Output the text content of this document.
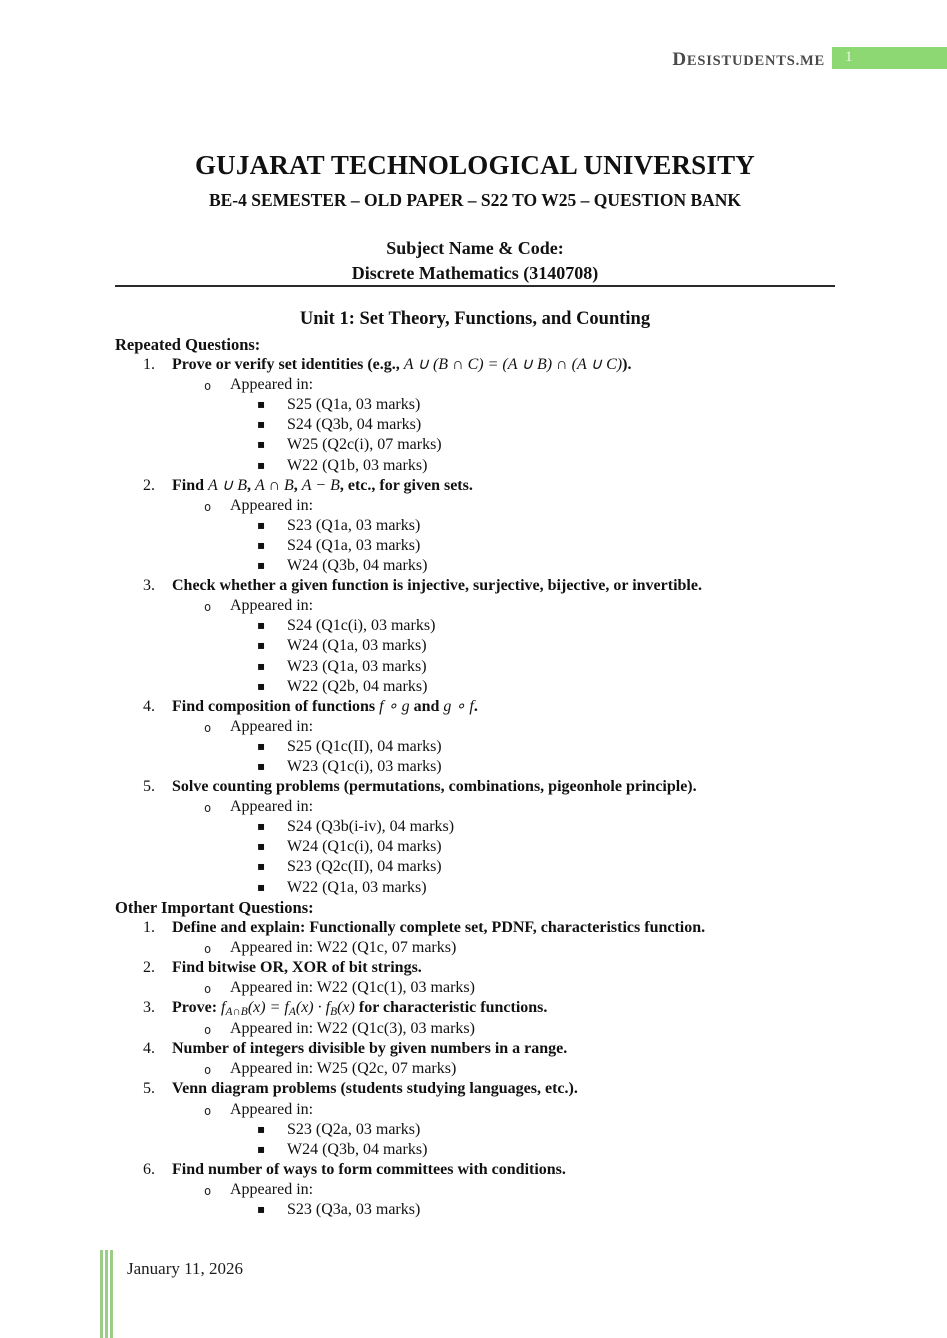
DESISTUDENTS.ME	1
GUJARAT TECHNOLOGICAL UNIVERSITY
BE-4 SEMESTER – OLD PAPER – S22 TO W25 – QUESTION BANK
Subject Name & Code:
Discrete Mathematics (3140708)
Unit 1: Set Theory, Functions, and Counting
Repeated Questions:
1. Prove or verify set identities (e.g., A ∪ (B ∩ C) = (A ∪ B) ∩ (A ∪ C)).
o Appeared in:
▪ S25 (Q1a, 03 marks)
▪ S24 (Q3b, 04 marks)
▪ W25 (Q2c(i), 07 marks)
▪ W22 (Q1b, 03 marks)
2. Find A ∪ B, A ∩ B, A − B, etc., for given sets.
o Appeared in:
▪ S23 (Q1a, 03 marks)
▪ S24 (Q1a, 03 marks)
▪ W24 (Q3b, 04 marks)
3. Check whether a given function is injective, surjective, bijective, or invertible.
o Appeared in:
▪ S24 (Q1c(i), 03 marks)
▪ W24 (Q1a, 03 marks)
▪ W23 (Q1a, 03 marks)
▪ W22 (Q2b, 04 marks)
4. Find composition of functions f ∘ g and g ∘ f.
o Appeared in:
▪ S25 (Q1c(II), 04 marks)
▪ W23 (Q1c(i), 03 marks)
5. Solve counting problems (permutations, combinations, pigeonhole principle).
o Appeared in:
▪ S24 (Q3b(i-iv), 04 marks)
▪ W24 (Q1c(i), 04 marks)
▪ S23 (Q2c(II), 04 marks)
▪ W22 (Q1a, 03 marks)
Other Important Questions:
1. Define and explain: Functionally complete set, PDNF, characteristics function.
o Appeared in: W22 (Q1c, 07 marks)
2. Find bitwise OR, XOR of bit strings.
o Appeared in: W22 (Q1c(1), 03 marks)
3. Prove: fA∩B(x) = fA(x) · fB(x) for characteristic functions.
o Appeared in: W22 (Q1c(3), 03 marks)
4. Number of integers divisible by given numbers in a range.
o Appeared in: W25 (Q2c, 07 marks)
5. Venn diagram problems (students studying languages, etc.).
o Appeared in:
▪ S23 (Q2a, 03 marks)
▪ W24 (Q3b, 04 marks)
6. Find number of ways to form committees with conditions.
o Appeared in:
▪ S23 (Q3a, 03 marks)
January 11, 2026
